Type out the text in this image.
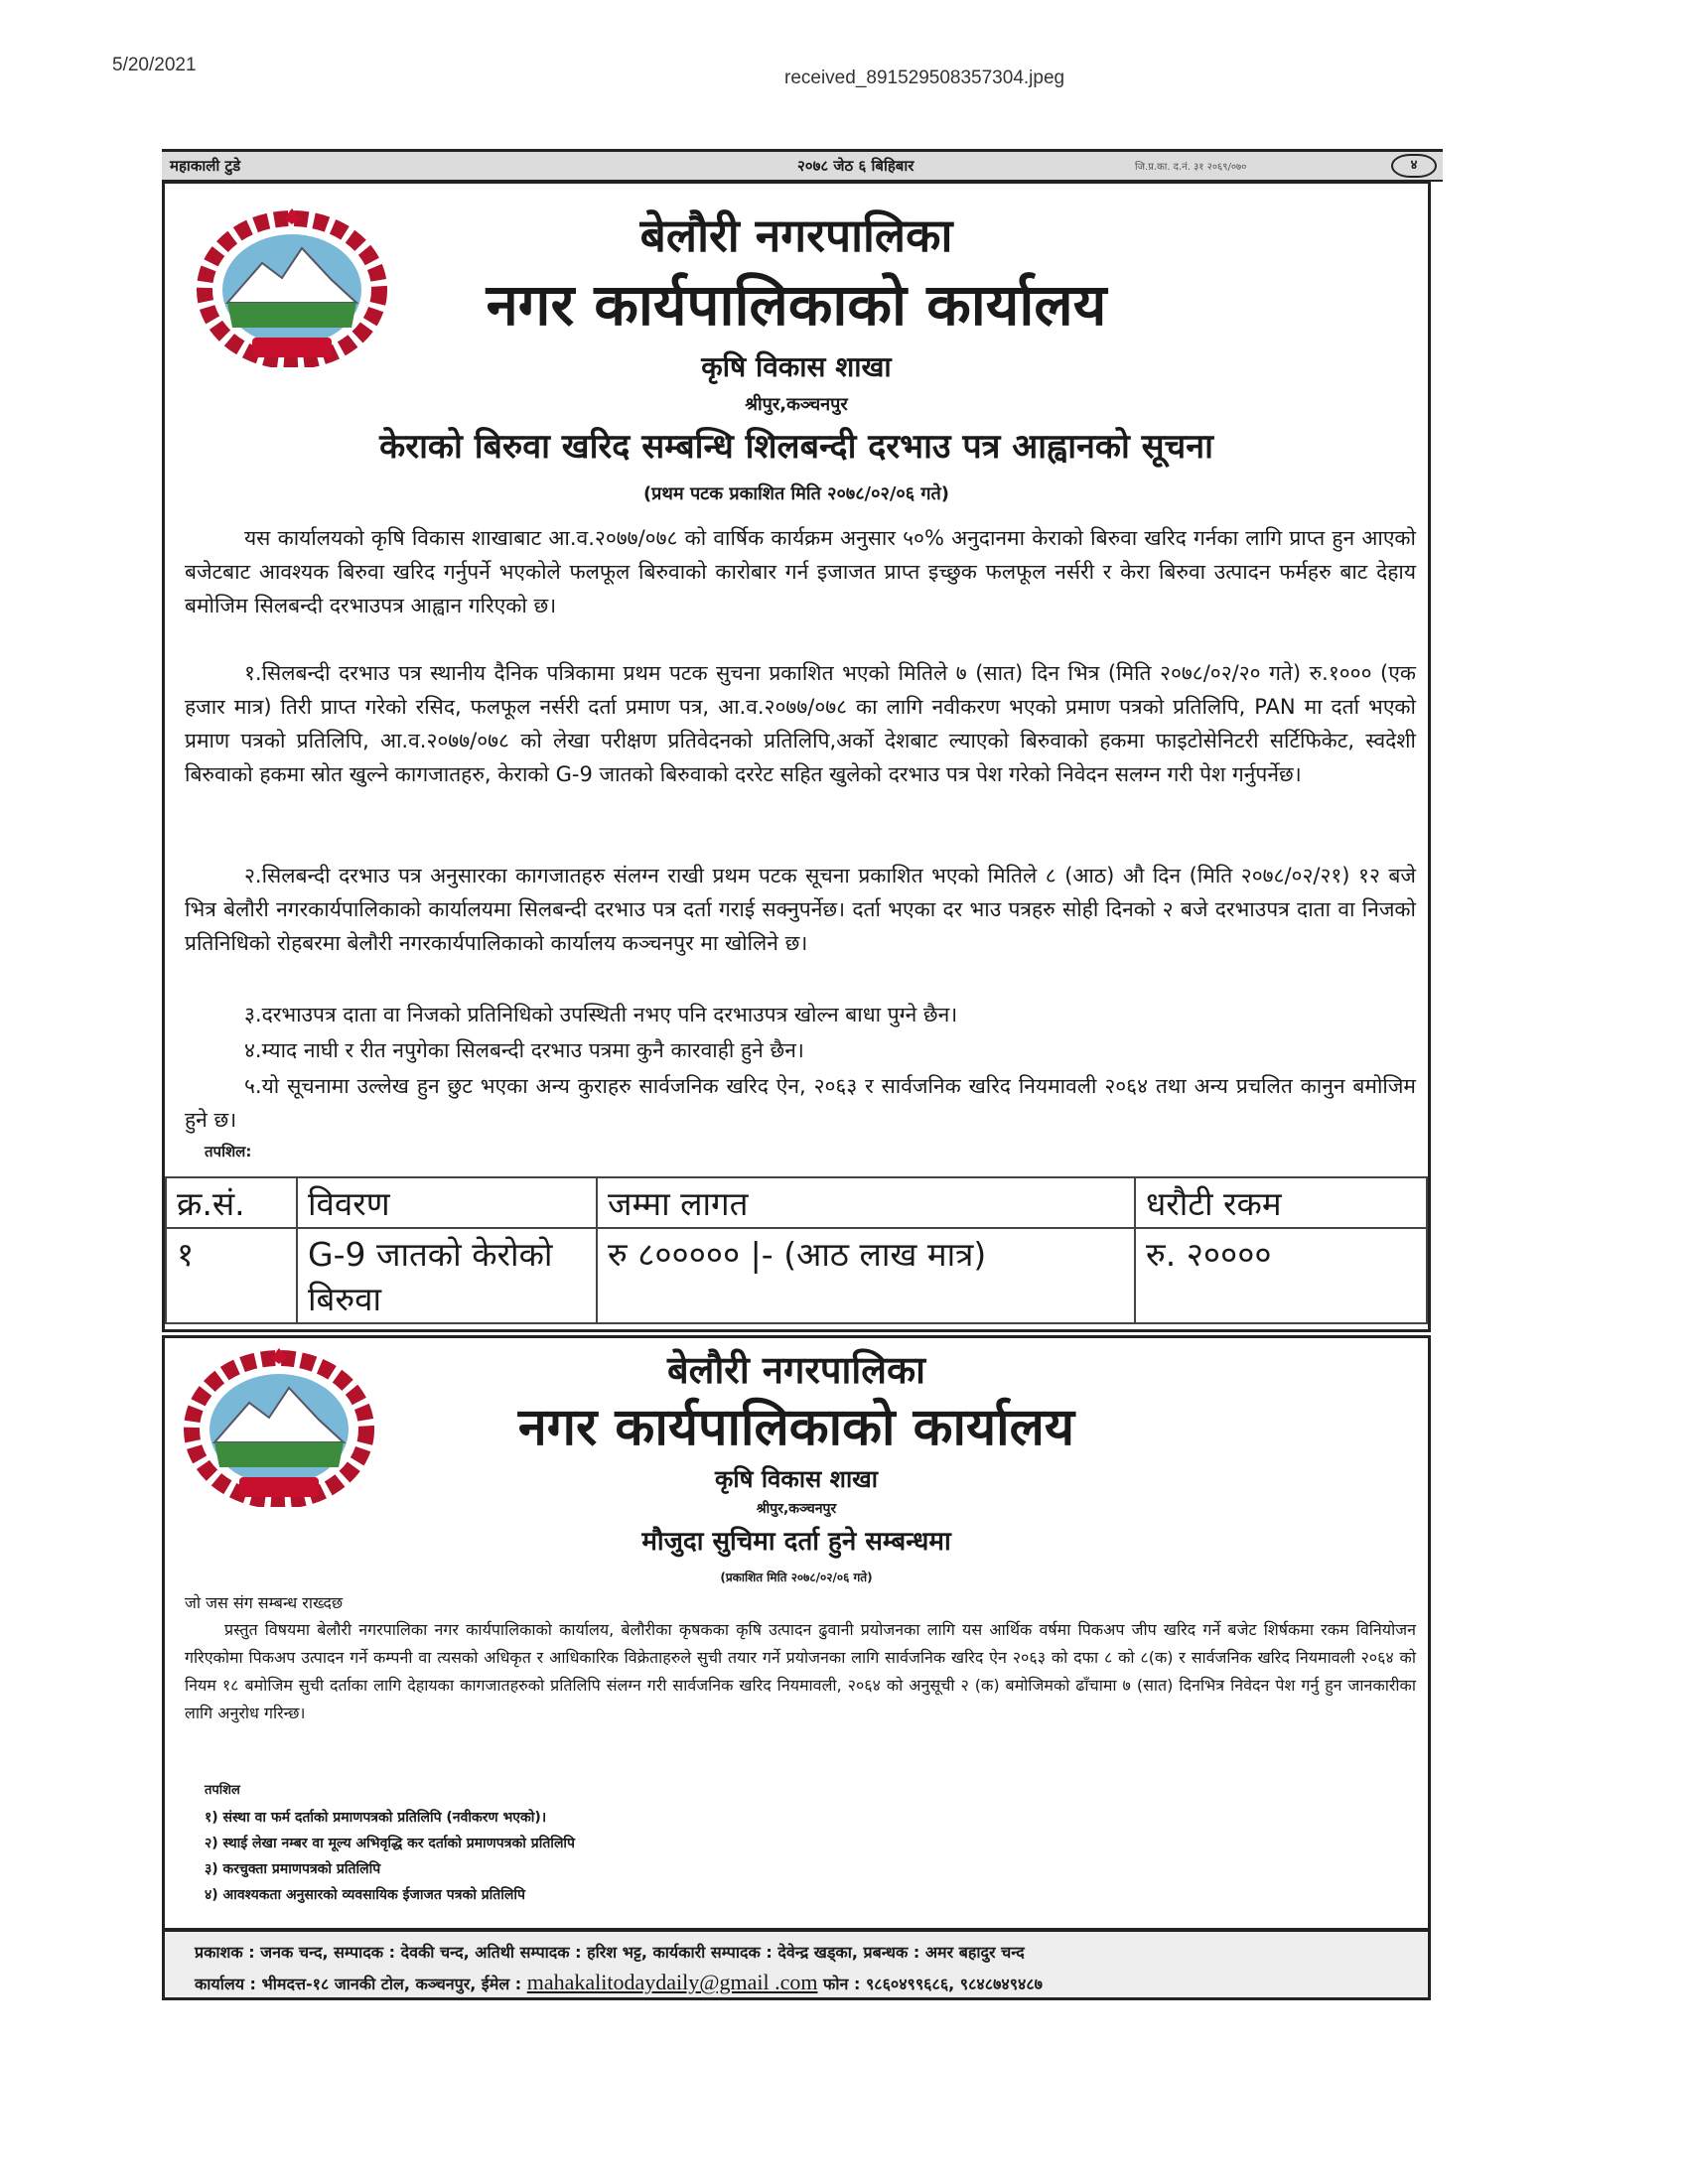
5/20/2021
received_891529508357304.jpeg
महाकाली टुडे	२०७८ जेठ ६ बिहिबार	जि.प्र.का. द.नं. ३१ २०६९/०७०	४
बेलौरी नगरपालिका
नगर कार्यपालिकाको कार्यालय
कृषि विकास शाखा
श्रीपुर,कञ्चनपुर
केराको बिरुवा खरिद सम्बन्धि शिलबन्दी दरभाउ पत्र आह्वानको सूचना
(प्रथम पटक प्रकाशित मिति २०७८/०२/०६ गते)

यस कार्यालयको कृषि विकास शाखाबाट आ.व.२०७७/०७८ को वार्षिक कार्यक्रम अनुसार ५०% अनुदानमा केराको बिरुवा खरिद गर्नका लागि प्राप्त हुन आएको बजेटबाट आवश्यक बिरुवा खरिद गर्नुपर्ने भएकोले फलफूल बिरुवाको कारोबार गर्न इजाजत प्राप्त इच्छुक फलफूल नर्सरी र केरा बिरुवा उत्पादन फर्महरु बाट देहाय बमोजिम सिलबन्दी दरभाउपत्र आह्वान गरिएको छ।

१.सिलबन्दी दरभाउ पत्र स्थानीय दैनिक पत्रिकामा प्रथम पटक सुचना प्रकाशित भएको मितिले ७ (सात) दिन भित्र (मिति २०७८/०२/२० गते) रु.१००० (एक हजार मात्र) तिरी प्राप्त गरेको रसिद, फलफूल नर्सरी दर्ता प्रमाण पत्र, आ.व.२०७७/०७८ का लागि नवीकरण भएको प्रमाण पत्रको प्रतिलिपि, PAN मा दर्ता भएको प्रमाण पत्रको प्रतिलिपि, आ.व.२०७७/०७८ को लेखा परीक्षण प्रतिवेदनको प्रतिलिपि,अर्को देशबाट ल्याएको बिरुवाको हकमा फाइटोसेनिटरी सर्टिफिकेट, स्वदेशी बिरुवाको हकमा स्रोत खुल्ने कागजातहरु, केराको G-9 जातको बिरुवाको दररेट सहित खुलेको दरभाउ पत्र पेश गरेको निवेदन सलग्न गरी पेश गर्नुपर्नेछ।

२.सिलबन्दी दरभाउ पत्र अनुसारका कागजातहरु संलग्न राखी प्रथम पटक सूचना प्रकाशित भएको मितिले ८ (आठ) औ दिन (मिति २०७८/०२/२१) १२ बजे भित्र बेलौरी नगरकार्यपालिकाको कार्यालयमा सिलबन्दी दरभाउ पत्र दर्ता गराई सक्नुपर्नेछ। दर्ता भएका दर भाउ पत्रहरु सोही दिनको २ बजे दरभाउपत्र दाता वा निजको प्रतिनिधिको रोहबरमा बेलौरी नगरकार्यपालिकाको कार्यालय कञ्चनपुर मा खोलिने छ।

३.दरभाउपत्र दाता वा निजको प्रतिनिधिको उपस्थिती नभए पनि दरभाउपत्र खोल्न बाधा पुग्ने छैन।

४.म्याद नाघी र रीत नपुगेका सिलबन्दी दरभाउ पत्रमा कुनै कारवाही हुने छैन।

५.यो सूचनामा उल्लेख हुन छुट भएका अन्य कुराहरु सार्वजनिक खरिद ऐन, २०६३ र सार्वजनिक खरिद नियमावली २०६४ तथा अन्य प्रचलित कानुन बमोजिम हुने छ।

तपशिल:
क्र.सं.	विवरण	जम्मा लागत	धरौटी रकम
१	G-9 जातको केरोको बिरुवा	रु ८००००० |- (आठ लाख मात्र)	रु. २००००
बेलौरी नगरपालिका
नगर कार्यपालिकाको कार्यालय
कृषि विकास शाखा
श्रीपुर,कञ्चनपुर
मौजुदा सुचिमा दर्ता हुने सम्बन्धमा
(प्रकाशित मिति २०७८/०२/०६ गते)
जो जस संग सम्बन्ध राख्दछ

प्रस्तुत विषयमा बेलौरी नगरपालिका नगर कार्यपालिकाको कार्यालय, बेलौरीका कृषकका कृषि उत्पादन ढुवानी प्रयोजनका लागि यस आर्थिक वर्षमा पिकअप जीप खरिद गर्ने बजेट शिर्षकमा रकम विनियोजन गरिएकोमा पिकअप उत्पादन गर्ने कम्पनी वा त्यसको अधिकृत र आधिकारिक विक्रेताहरुले सुची तयार गर्ने प्रयोजनका लागि सार्वजनिक खरिद ऐन २०६३ को दफा ८ को ८(क) र सार्वजनिक खरिद नियमावली २०६४ को नियम १८ बमोजिम सुची दर्ताका लागि देहायका कागजातहरुको प्रतिलिपि संलग्न गरी सार्वजनिक खरिद नियमावली, २०६४ को अनुसूची २ (क) बमोजिमको ढाँचामा ७ (सात) दिनभित्र निवेदन पेश गर्नु हुन जानकारीका लागि अनुरोध गरिन्छ।

तपशिल
१) संस्था वा फर्म दर्ताको प्रमाणपत्रको प्रतिलिपि (नवीकरण भएको)।
२) स्थाई लेखा नम्बर वा मूल्य अभिवृद्धि कर दर्ताको प्रमाणपत्रको प्रतिलिपि
३) करचुक्ता प्रमाणपत्रको प्रतिलिपि
४) आवश्यकता अनुसारको व्यवसायिक ईजाजत पत्रको प्रतिलिपि
प्रकाशक : जनक चन्द, सम्पादक : देवकी चन्द, अतिथी सम्पादक : हरिश भट्ट, कार्यकारी सम्पादक : देवेन्द्र खड्का, प्रबन्धक : अमर बहादुर चन्द
कार्यालय : भीमदत्त-१८ जानकी टोल, कञ्चनपुर, ईमेल : mahakalitodaydaily@gmail .com फोन : ९८६०४९९६८६, ९८४८७४९४८७
